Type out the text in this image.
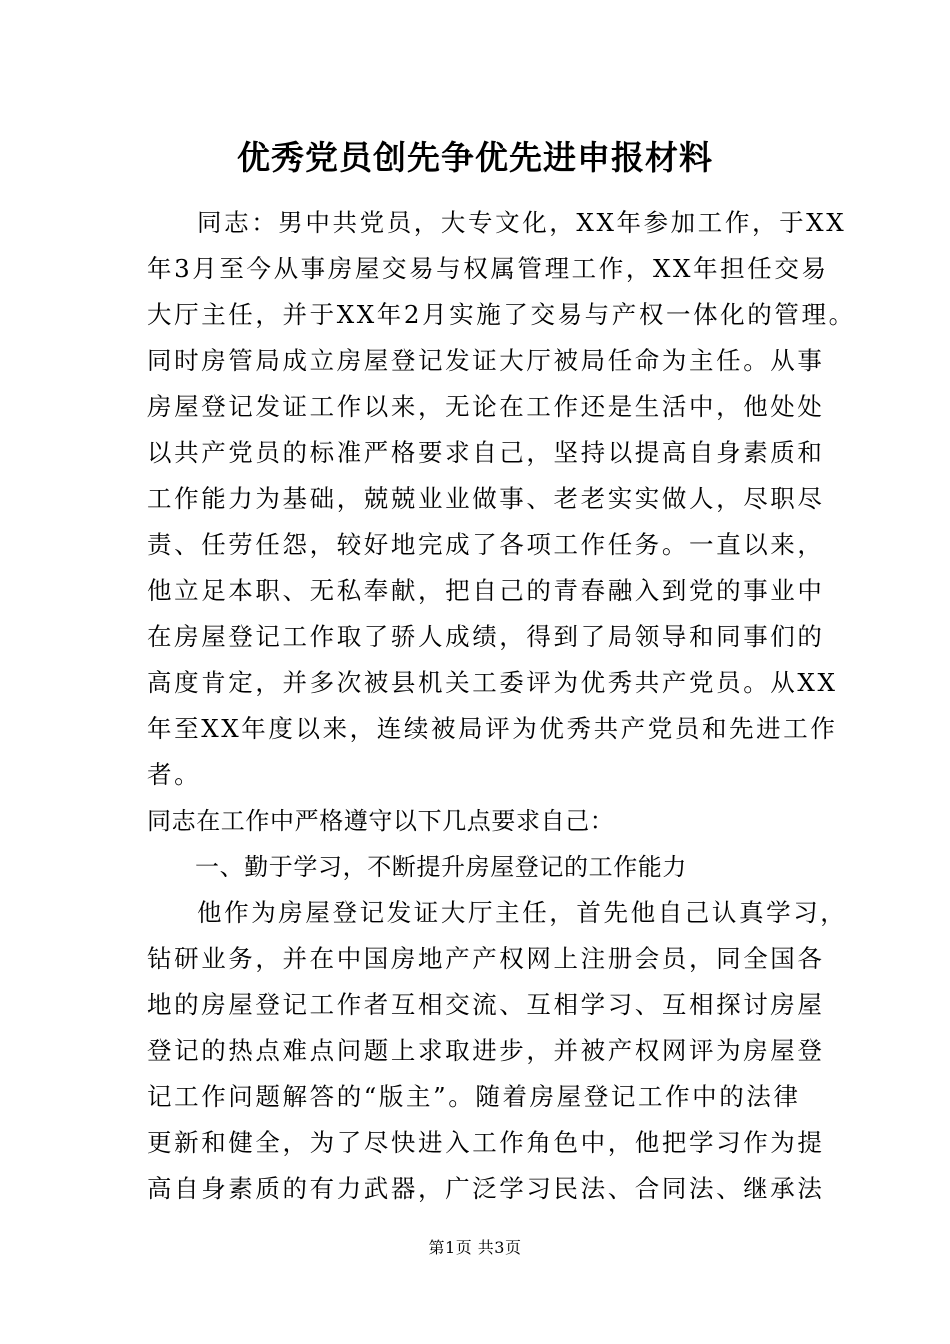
优秀党员创先争优先进申报材料
同志：男中共党员，大专文化，XX年参加工作，于XX
年3月至今从事房屋交易与权属管理工作，XX年担任交易
大厅主任，并于XX年2月实施了交易与产权一体化的管理。
同时房管局成立房屋登记发证大厅被局任命为主任。从事
房屋登记发证工作以来，无论在工作还是生活中，他处处
以共产党员的标准严格要求自己，坚持以提高自身素质和
工作能力为基础，兢兢业业做事、老老实实做人，尽职尽
责、任劳任怨，较好地完成了各项工作任务。一直以来，
他立足本职、无私奉献，把自己的青春融入到党的事业中
在房屋登记工作取了骄人成绩，得到了局领导和同事们的
高度肯定，并多次被县机关工委评为优秀共产党员。从XX
年至XX年度以来，连续被局评为优秀共产党员和先进工作
者。
同志在工作中严格遵守以下几点要求自己：
一、勤于学习，不断提升房屋登记的工作能力
他作为房屋登记发证大厅主任，首先他自己认真学习，
钻研业务，并在中国房地产产权网上注册会员，同全国各
地的房屋登记工作者互相交流、互相学习、互相探讨房屋
登记的热点难点问题上求取进步，并被产权网评为房屋登
记工作问题解答的“版主”。随着房屋登记工作中的法律
更新和健全，为了尽快进入工作角色中，他把学习作为提
高自身素质的有力武器，广泛学习民法、合同法、继承法
第1页 共3页
